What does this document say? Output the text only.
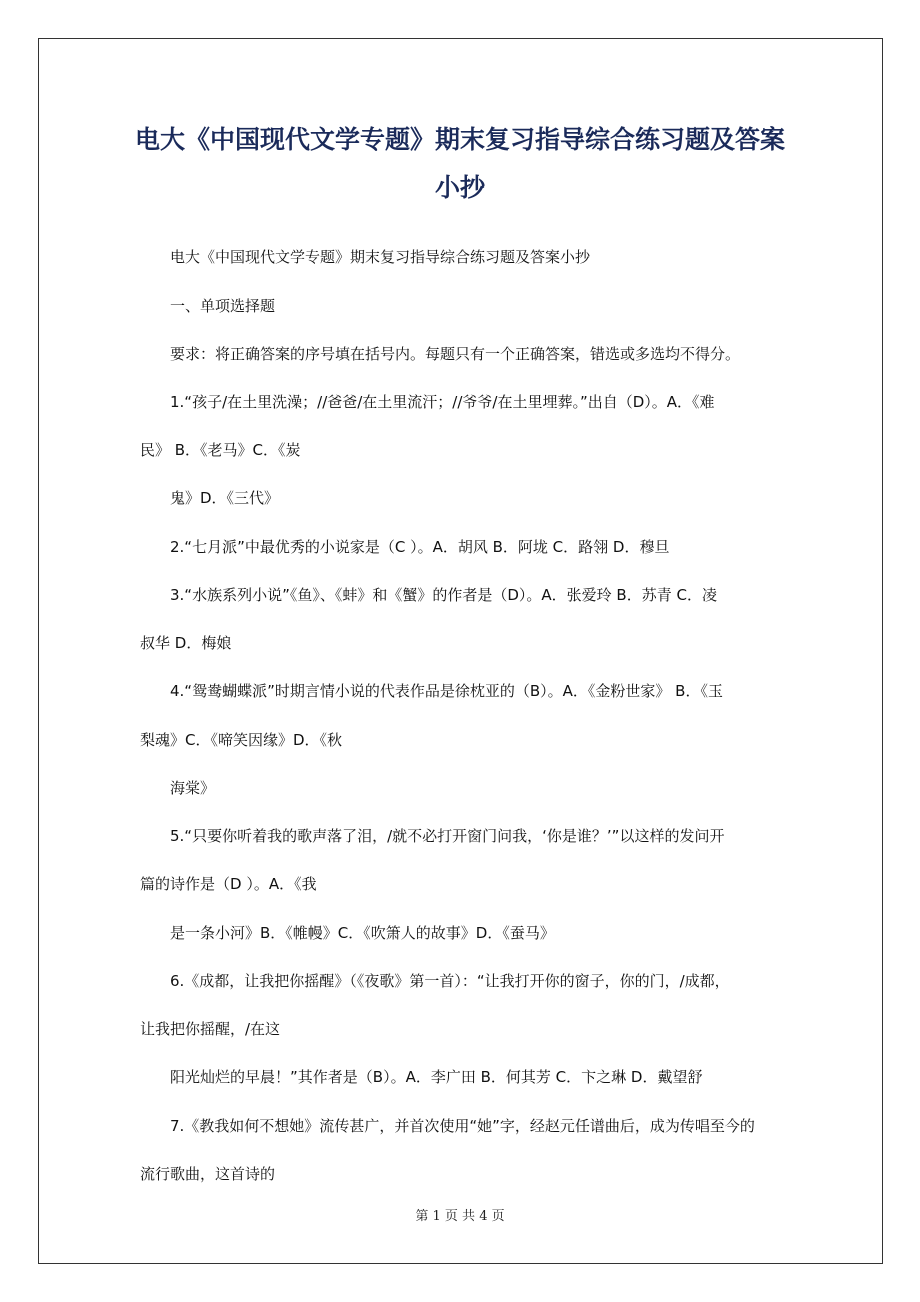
电大《中国现代文学专题》期末复习指导综合练习题及答案
小抄
电大《中国现代文学专题》期末复习指导综合练习题及答案小抄
一、单项选择题
要求：将正确答案的序号填在括号内。每题只有一个正确答案，错选或多选均不得分。
1.“孩子/在土里洗澡；//爸爸/在土里流汗；//爷爷/在土里埋葬。”出自（D）。A．《难
民》 B．《老马》C．《炭
鬼》D．《三代》
2.“七月派”中最优秀的小说家是（C ）。A．胡风 B．阿垅 C．路翎 D．穆旦
3.“水族系列小说”《鱼》、《蚌》和《蟹》的作者是（D）。A．张爱玲 B．苏青 C．凌
叔华 D．梅娘
4.“鸳鸯蝴蝶派”时期言情小说的代表作品是徐枕亚的（B）。A．《金粉世家》 B．《玉
梨魂》C．《啼笑因缘》D．《秋
海棠》
5.“只要你听着我的歌声落了泪，/就不必打开窗门问我，‘你是谁？’”以这样的发问开
篇的诗作是（D ）。A．《我
是一条小河》B．《帷幔》C．《吹箫人的故事》D．《蚕马》
6.《成都，让我把你摇醒》（《夜歌》第一首）：“让我打开你的窗子，你的门，/成都，
让我把你摇醒，/在这
阳光灿烂的早晨！”其作者是（B）。A．李广田 B．何其芳 C．卞之琳 D．戴望舒
7.《教我如何不想她》流传甚广，并首次使用“她”字，经赵元任谱曲后，成为传唱至今的
流行歌曲，这首诗的
第 1 页 共 4 页
